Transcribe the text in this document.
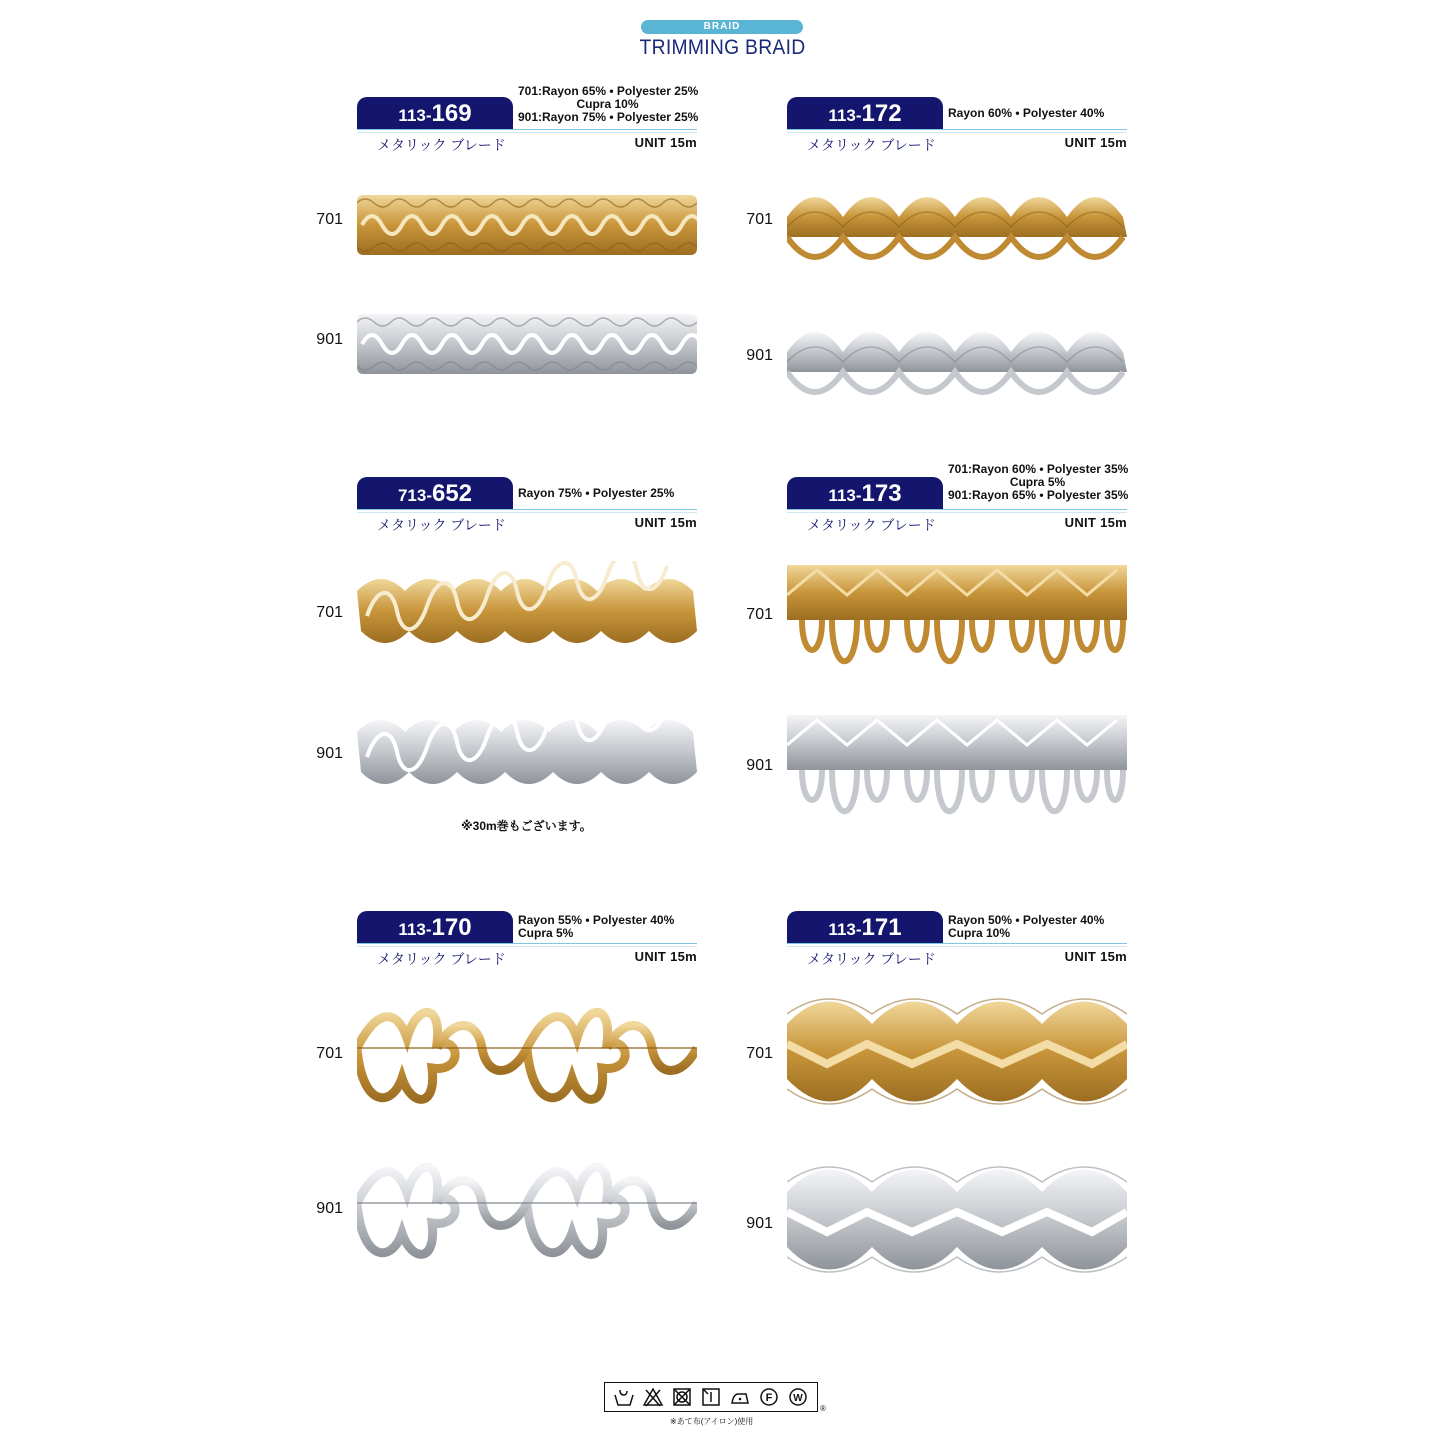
BRAID
TRIMMING BRAID
701:Rayon 65% • Polyester 25%
Cupra 10%
901:Rayon 75% • Polyester 25%
113-169
メタリック ブレード	UNIT 15m
701
901
Rayon 60% • Polyester 40%
113-172
メタリック ブレード	UNIT 15m
701
901
Rayon 75% • Polyester 25%
713-652
メタリック ブレード	UNIT 15m
701
901
※30m巻もございます。
701:Rayon 60% • Polyester 35%
Cupra 5%
901:Rayon 65% • Polyester 35%
113-173
メタリック ブレード	UNIT 15m
701
901
Rayon 55% • Polyester 40%
Cupra 5%
113-170
メタリック ブレード	UNIT 15m
701
901
Rayon 50% • Polyester 40%
Cupra 10%
113-171
メタリック ブレード	UNIT 15m
701
901
F W
®
※あて布(アイロン)使用
